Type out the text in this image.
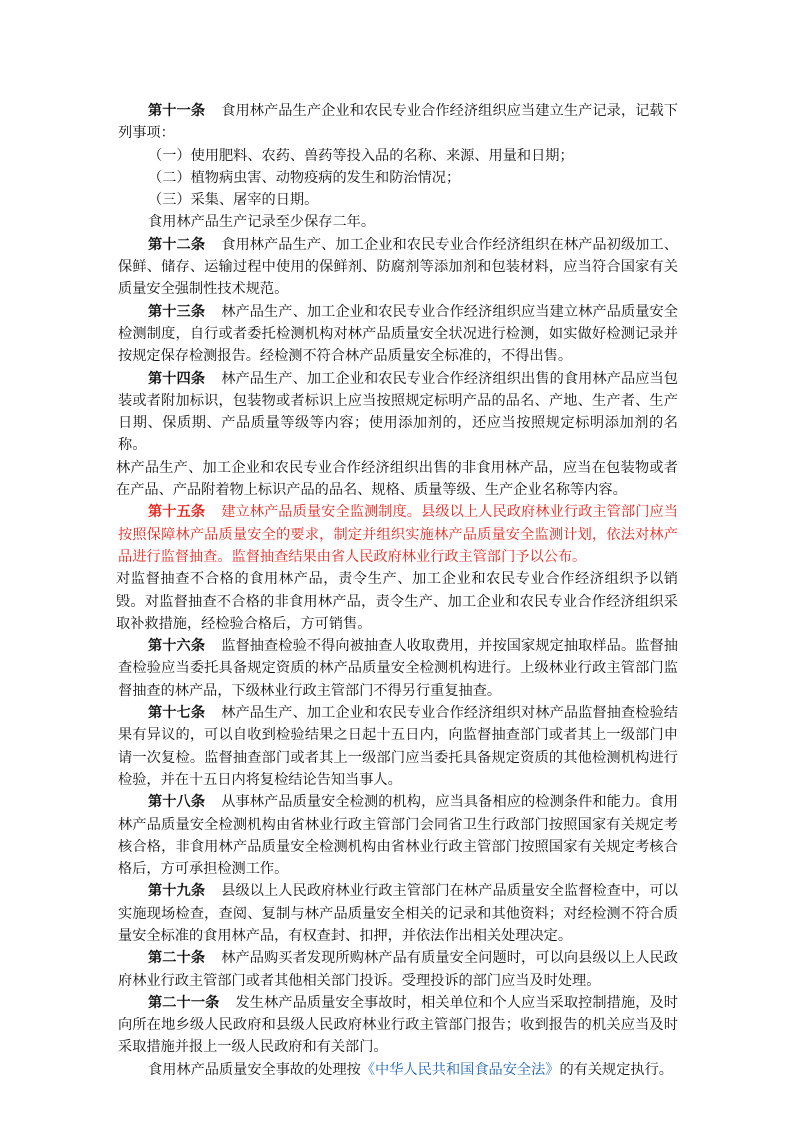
第十一条 食用林产品生产企业和农民专业合作经济组织应当建立生产记录，记载下列事项：

（一）使用肥料、农药、兽药等投入品的名称、来源、用量和日期；

（二）植物病虫害、动物疫病的发生和防治情况；

（三）采集、屠宰的日期。

食用林产品生产记录至少保存二年。

第十二条 食用林产品生产、加工企业和农民专业合作经济组织在林产品初级加工、保鲜、储存、运输过程中使用的保鲜剂、防腐剂等添加剂和包装材料，应当符合国家有关质量安全强制性技术规范。

第十三条 林产品生产、加工企业和农民专业合作经济组织应当建立林产品质量安全检测制度，自行或者委托检测机构对林产品质量安全状况进行检测，如实做好检测记录并按规定保存检测报告。经检测不符合林产品质量安全标准的，不得出售。

第十四条 林产品生产、加工企业和农民专业合作经济组织出售的食用林产品应当包装或者附加标识，包装物或者标识上应当按照规定标明产品的品名、产地、生产者、生产日期、保质期、产品质量等级等内容；使用添加剂的，还应当按照规定标明添加剂的名称。

林产品生产、加工企业和农民专业合作经济组织出售的非食用林产品，应当在包装物或者在产品、产品附着物上标识产品的品名、规格、质量等级、生产企业名称等内容。

第十五条 建立林产品质量安全监测制度。县级以上人民政府林业行政主管部门应当按照保障林产品质量安全的要求，制定并组织实施林产品质量安全监测计划，依法对林产品进行监督抽查。监督抽查结果由省人民政府林业行政主管部门予以公布。

对监督抽查不合格的食用林产品，责令生产、加工企业和农民专业合作经济组织予以销毁。对监督抽查不合格的非食用林产品，责令生产、加工企业和农民专业合作经济组织采取补救措施，经检验合格后，方可销售。

第十六条 监督抽查检验不得向被抽查人收取费用，并按国家规定抽取样品。监督抽查检验应当委托具备规定资质的林产品质量安全检测机构进行。上级林业行政主管部门监督抽查的林产品，下级林业行政主管部门不得另行重复抽查。

第十七条 林产品生产、加工企业和农民专业合作经济组织对林产品监督抽查检验结果有异议的，可以自收到检验结果之日起十五日内，向监督抽查部门或者其上一级部门申请一次复检。监督抽查部门或者其上一级部门应当委托具备规定资质的其他检测机构进行检验，并在十五日内将复检结论告知当事人。

第十八条 从事林产品质量安全检测的机构，应当具备相应的检测条件和能力。食用林产品质量安全检测机构由省林业行政主管部门会同省卫生行政部门按照国家有关规定考核合格，非食用林产品质量安全检测机构由省林业行政主管部门按照国家有关规定考核合格后，方可承担检测工作。

第十九条 县级以上人民政府林业行政主管部门在林产品质量安全监督检查中，可以实施现场检查，查阅、复制与林产品质量安全相关的记录和其他资料；对经检测不符合质量安全标准的食用林产品，有权查封、扣押，并依法作出相关处理决定。

第二十条 林产品购买者发现所购林产品有质量安全问题时，可以向县级以上人民政府林业行政主管部门或者其他相关部门投诉。受理投诉的部门应当及时处理。

第二十一条 发生林产品质量安全事故时，相关单位和个人应当采取控制措施，及时向所在地乡级人民政府和县级人民政府林业行政主管部门报告；收到报告的机关应当及时采取措施并报上一级人民政府和有关部门。

食用林产品质量安全事故的处理按《中华人民共和国食品安全法》的有关规定执行。
